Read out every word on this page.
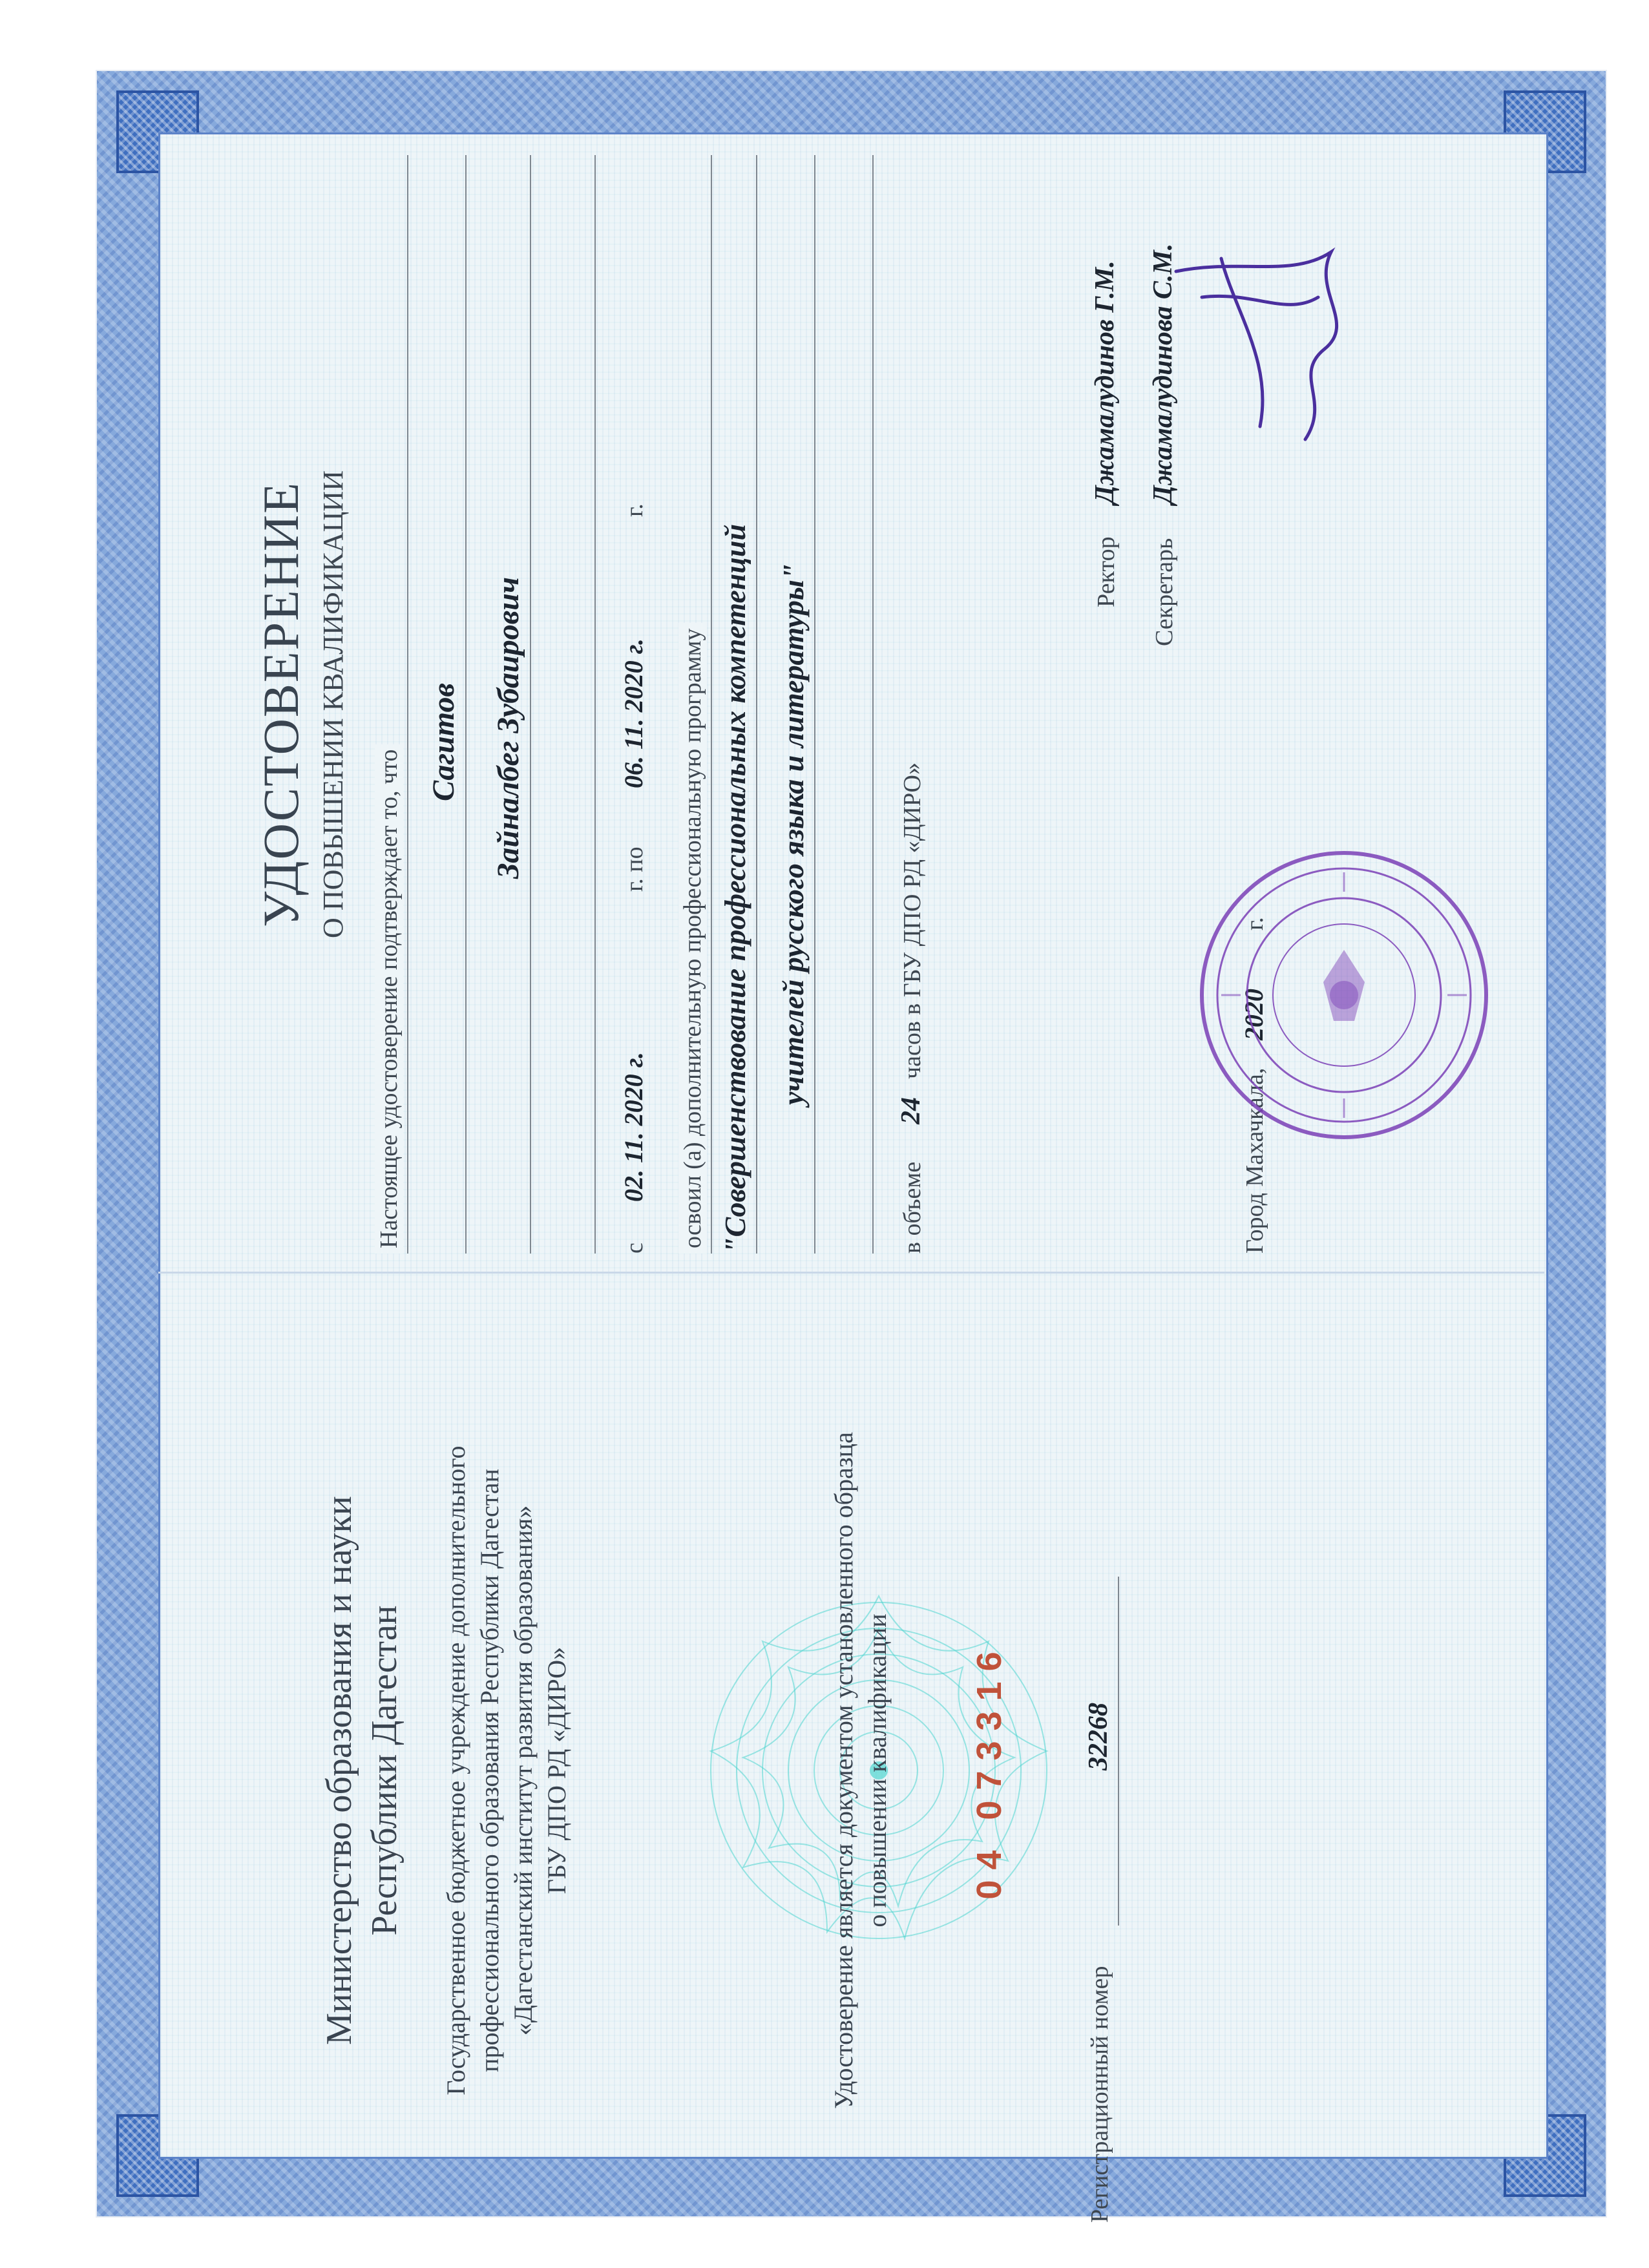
УДОСТОВЕРЕНИЕ О ПОВЫШЕНИИ КВАЛИФИКАЦИИ

Настоящее удостоверение подтверждает то, что
Сагитов Зайналбег Зубаирович
с
02. 11. 2020 г.
г. по
06. 11. 2020 г.
г.
освоил (а) дополнительную профессиональную программу "Совершенствование профессиональных компетенций учителей русского языка и литературы"
в объеме
24
часов в ГБУ ДПО РД «ДИРО»
Ректор
Джамалудинов Г.М.
Секретарь
Джамалудинова С.М.
Город Махачкала,
2020
г.

Министерство образования и науки Республики Дагестан Государственное бюджетное учреждение дополнительного профессионального образования Республики Дагестан «Дагестанский институт развития образования» ГБУ ДПО РД «ДИРО»	Удостоверение является документом установленного образца о повышении квалификации 04 073316
Регистрационный номер
32268
